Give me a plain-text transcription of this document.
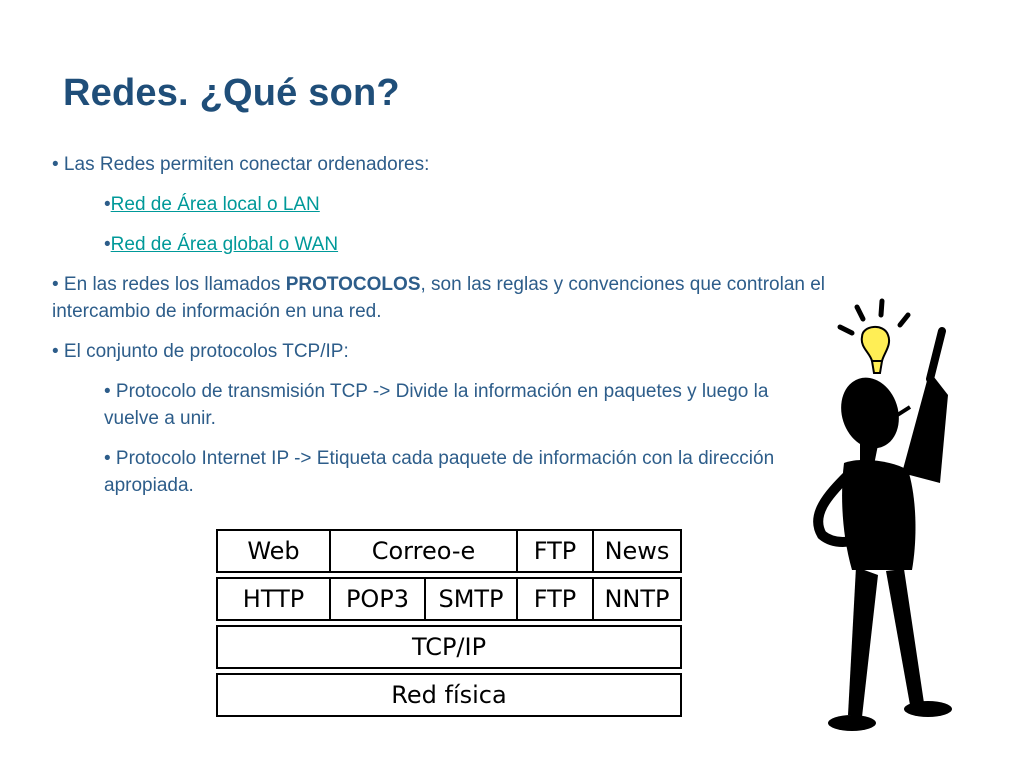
Redes. ¿Qué son?

• Las Redes permiten conectar ordenadores:

•Red de Área local o LAN

•Red de Área global o WAN

• En las redes los llamados PROTOCOLOS, son las reglas y convenciones que controlan el intercambio de información en una red.

• El conjunto de protocolos TCP/IP:

• Protocolo de transmisión TCP -> Divide la información en paquetes y luego la vuelve a unir.

• Protocolo Internet IP -> Etiqueta cada paquete de información con la dirección apropiada.

Web	Correo-e	FTP	News
HTTP	POP3	SMTP	FTP	NNTP
TCP/IP
Red física
